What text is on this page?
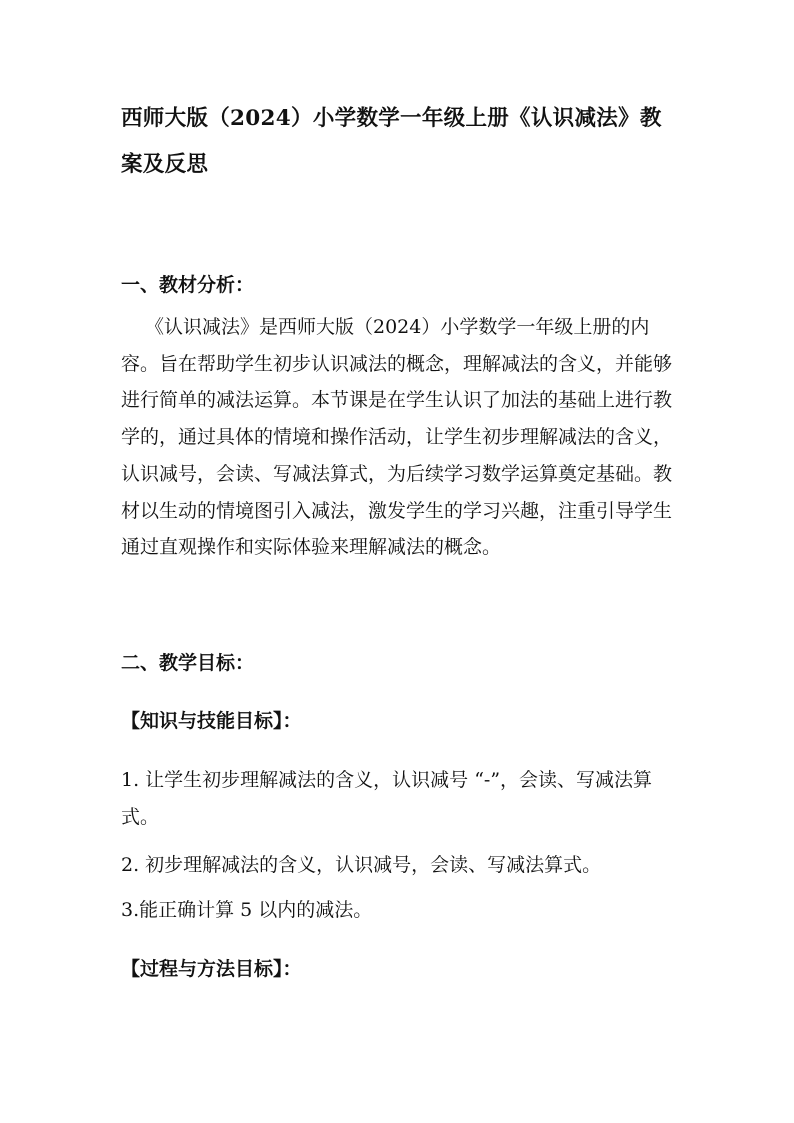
西师大版（2024）小学数学一年级上册《认识减法》教案及反思
一、教材分析：
《认识减法》是西师大版（2024）小学数学一年级上册的内容。旨在帮助学生初步认识减法的概念，理解减法的含义，并能够进行简单的减法运算。本节课是在学生认识了加法的基础上进行教学的，通过具体的情境和操作活动，让学生初步理解减法的含义，认识减号，会读、写减法算式，为后续学习数学运算奠定基础。教材以生动的情境图引入减法，激发学生的学习兴趣，注重引导学生通过直观操作和实际体验来理解减法的概念。
二、教学目标：
【知识与技能目标】：
1. 让学生初步理解减法的含义，认识减号 “-”，会读、写减法算式。
2. 初步理解减法的含义，认识减号，会读、写减法算式。
3.能正确计算 5 以内的减法。
【过程与方法目标】：
